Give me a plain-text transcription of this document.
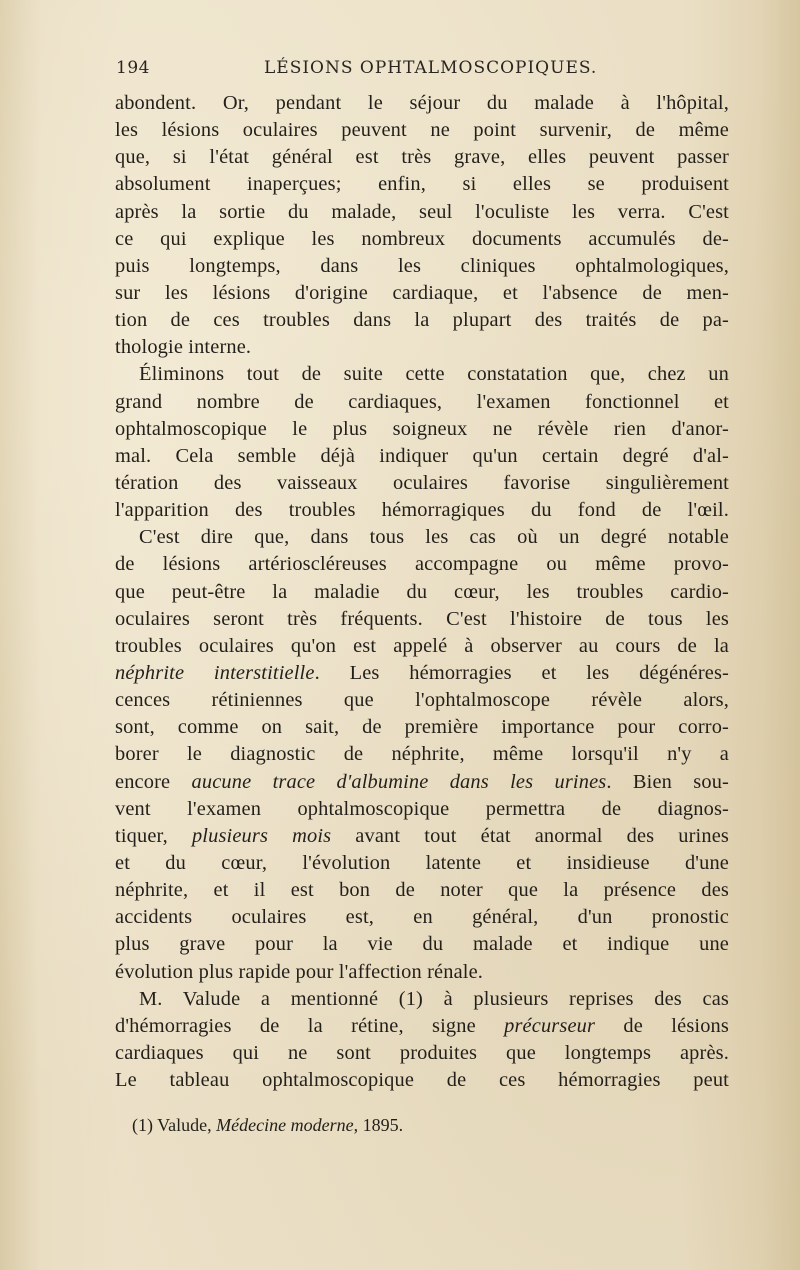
194	LÉSIONS OPHTALMOSCOPIQUES.
abondent. Or, pendant le séjour du malade à l'hôpital,
les lésions oculaires peuvent ne point survenir, de même
que, si l'état général est très grave, elles peuvent passer
absolument inaperçues; enfin, si elles se produisent
après la sortie du malade, seul l'oculiste les verra. C'est
ce qui explique les nombreux documents accumulés de-
puis longtemps, dans les cliniques ophtalmologiques,
sur les lésions d'origine cardiaque, et l'absence de men-
tion de ces troubles dans la plupart des traités de pa-
thologie interne.
Éliminons tout de suite cette constatation que, chez un
grand nombre de cardiaques, l'examen fonctionnel et
ophtalmoscopique le plus soigneux ne révèle rien d'anor-
mal. Cela semble déjà indiquer qu'un certain degré d'al-
tération des vaisseaux oculaires favorise singulièrement
l'apparition des troubles hémorragiques du fond de l'œil.
C'est dire que, dans tous les cas où un degré notable
de lésions artérioscléreuses accompagne ou même provo-
que peut-être la maladie du cœur, les troubles cardio-
oculaires seront très fréquents. C'est l'histoire de tous les
troubles oculaires qu'on est appelé à observer au cours de la
néphrite interstitielle. Les hémorragies et les dégénéres-
cences rétiniennes que l'ophtalmoscope révèle alors,
sont, comme on sait, de première importance pour corro-
borer le diagnostic de néphrite, même lorsqu'il n'y a
encore aucune trace d'albumine dans les urines. Bien sou-
vent l'examen ophtalmoscopique permettra de diagnos-
tiquer, plusieurs mois avant tout état anormal des urines
et du cœur, l'évolution latente et insidieuse d'une
néphrite, et il est bon de noter que la présence des
accidents oculaires est, en général, d'un pronostic
plus grave pour la vie du malade et indique une
évolution plus rapide pour l'affection rénale.
M. Valude a mentionné (1) à plusieurs reprises des cas
d'hémorragies de la rétine, signe précurseur de lésions
cardiaques qui ne sont produites que longtemps après.
Le tableau ophtalmoscopique de ces hémorragies peut
(1) Valude, Médecine moderne, 1895.
